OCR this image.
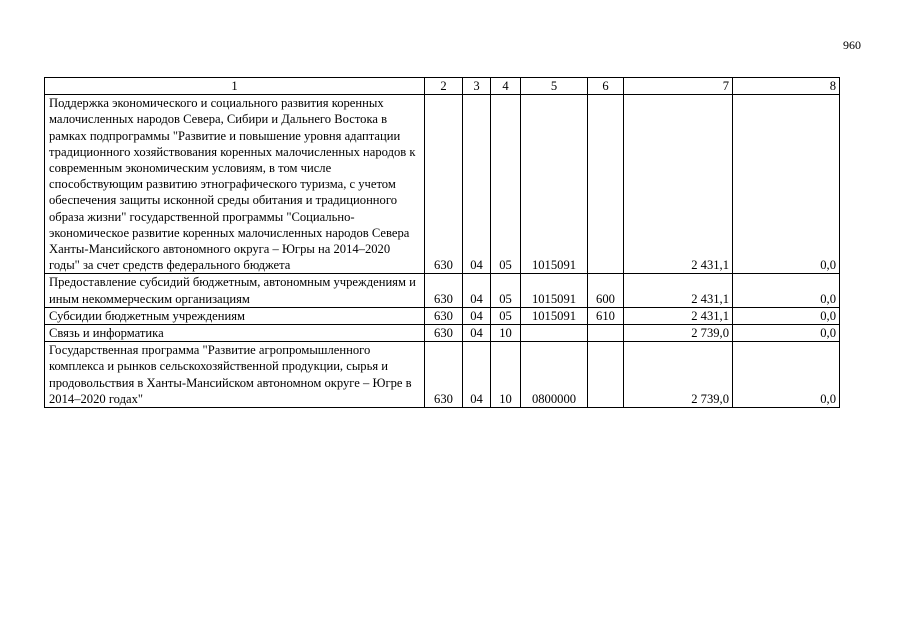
960
1	2	3	4	5	6	7	8
Поддержка экономического и социального развития коренных малочисленных народов Севера, Сибири и Дальнего Востока в рамках подпрограммы "Развитие и повышение уровня адаптации традиционного хозяйствования коренных малочисленных народов к современным экономическим условиям, в том числе способствующим развитию этнографического туризма, с учетом обеспечения защиты исконной среды обитания и традиционного образа жизни" государственной программы "Социально-экономическое развитие коренных малочисленных народов Севера Ханты-Мансийского автономного округа – Югры на 2014–2020 годы" за счет средств федерального бюджета	630	04	05	1015091		2 431,1	0,0
Предоставление субсидий бюджетным, автономным учреждениям и иным некоммерческим организациям	630	04	05	1015091	600	2 431,1	0,0
Субсидии бюджетным учреждениям	630	04	05	1015091	610	2 431,1	0,0
Связь и информатика	630	04	10			2 739,0	0,0
Государственная программа "Развитие агропромышленного комплекса и рынков сельскохозяйственной продукции, сырья и продовольствия в Ханты-Мансийском автономном округе – Югре в 2014–2020 годах"	630	04	10	0800000		2 739,0	0,0
